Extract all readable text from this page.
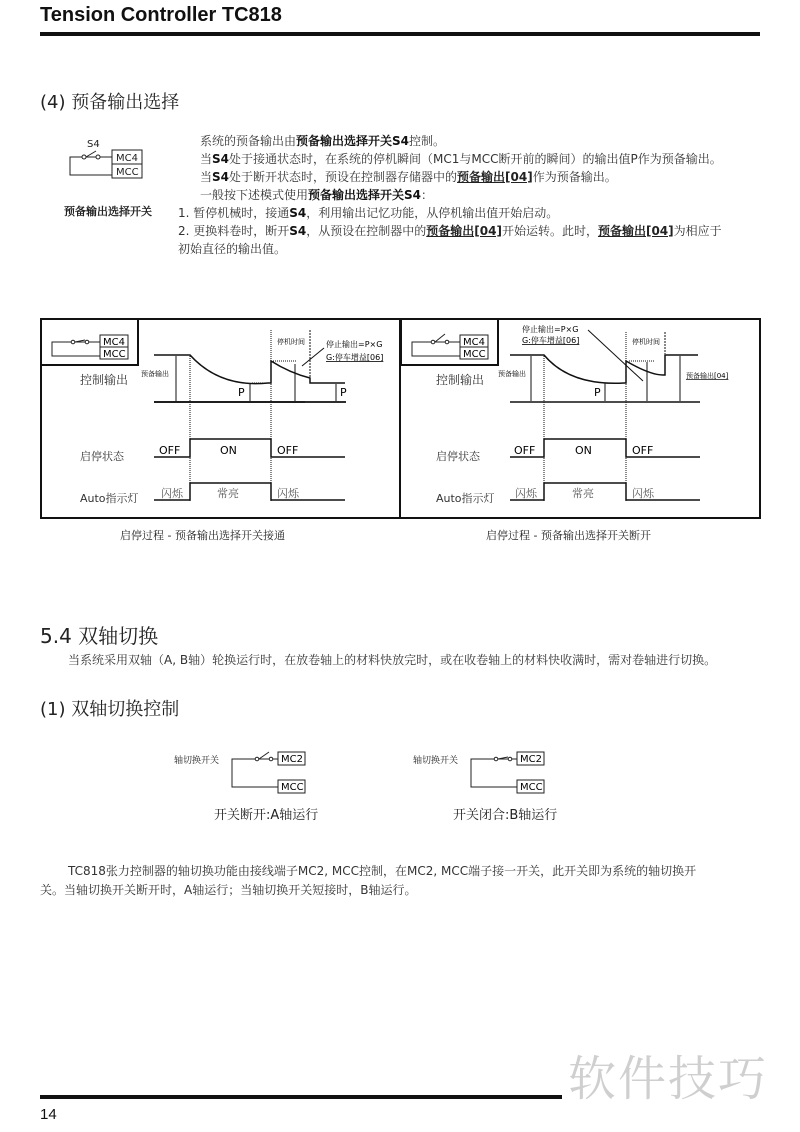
Tension Controller TC818
(4) 预备输出选择
S4
MC4
MCC
预备输出选择开关
系统的预备输出由预备输出选择开关S4控制。
当S4处于接通状态时，在系统的停机瞬间（MC1与MCC断开前的瞬间）的输出值P作为预备输出。
当S4处于断开状态时，预设在控制器存储器中的预备输出[04]作为预备输出。
一般按下述模式使用预备输出选择开关S4：
1. 暂停机械时，接通S4，利用输出记忆功能，从停机输出值开始启动。
2. 更换料卷时，断开S4，从预设在控制器中的预备输出[04]开始运转。此时，预备输出[04]为相应于
初始直径的输出值。
MC4
MCC
控制输出
启停状态
Auto指示灯
预备输出
P	P
停机时间	停止输出=P×G
G:停车增益[06]
OFF	ON	OFF
闪烁	常亮	闪烁
MC4
MCC
控制输出
启停状态
Auto指示灯
预备输出
P
预备输出[04]
停机时间
停止输出=P×G
G:停车增益[06]
OFF	ON	OFF
闪烁	常亮	闪烁
启停过程 - 预备输出选择开关接通	启停过程 - 预备输出选择开关断开
5.4 双轴切换
当系统采用双轴（A, B轴）轮换运行时，在放卷轴上的材料快放完时，或在收卷轴上的材料快收满时，需对卷轴进行切换。
(1) 双轴切换控制
轴切换开关	MC2
MCC
开关断开:A轴运行
轴切换开关	MC2
MCC
开关闭合:B轴运行
TC818张力控制器的轴切换功能由接线端子MC2, MCC控制，在MC2, MCC端子接一开关，此开关即为系统的轴切换开
关。当轴切换开关断开时，A轴运行；当轴切换开关短接时，B轴运行。
软件技巧
14
